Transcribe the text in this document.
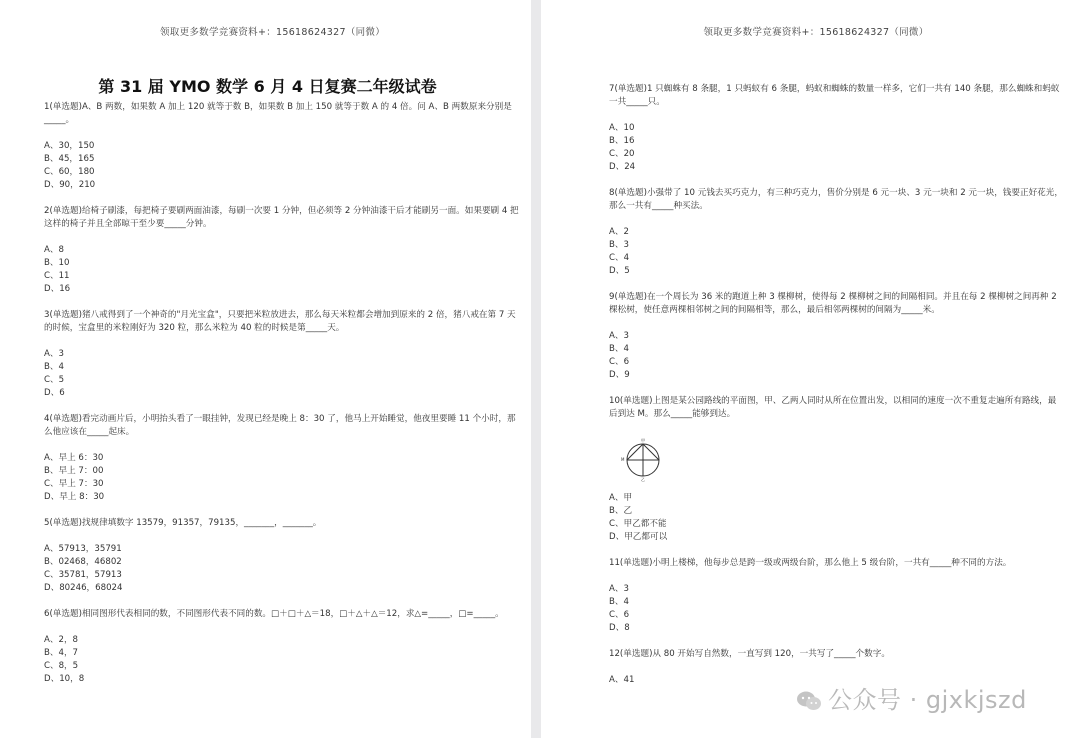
领取更多数学竞赛资料+：15618624327（同微）
第 31 届 YMO 数学 6 月 4 日复赛二年级试卷

1(单选题)A、B 两数，如果数 A 加上 120 就等于数 B，如果数 B 加上 150 就等于数 A 的 4 倍。问 A、B 两数原来分别是_____。

A、30，150
B、45，165
C、60，180
D、90，210

2(单选题)给椅子刷漆，每把椅子要刷两面油漆，每刷一次要 1 分钟，但必须等 2 分钟油漆干后才能刷另一面。如果要刷 4 把这样的椅子并且全部晾干至少要_____分钟。

A、8
B、10
C、11
D、16

3(单选题)猪八戒得到了一个神奇的"月光宝盒"，只要把米粒放进去，那么每天米粒都会增加到原来的 2 倍，猪八戒在第 7 天的时候，宝盒里的米粒刚好为 320 粒，那么米粒为 40 粒的时候是第_____天。

A、3
B、4
C、5
D、6

4(单选题)看完动画片后，小明抬头看了一眼挂钟，发现已经是晚上 8：30 了，他马上开始睡觉，他夜里要睡 11 个小时，那么他应该在_____起床。

A、早上 6：30
B、早上 7：00
C、早上 7：30
D、早上 8：30

5(单选题)找规律填数字 13579，91357，79135，_______，_______。

A、57913，35791
B、02468，46802
C、35781，57913
D、80246，68024

6(单选题)相同图形代表相同的数，不同图形代表不同的数。□＋□＋△＝18，□＋△＋△＝12，求△=_____，□=_____。

A、2，8
B、4，7
C、8，5
D、10，8
领取更多数学竞赛资料+：15618624327（同微）

7(单选题)1 只蜘蛛有 8 条腿，1 只蚂蚁有 6 条腿，蚂蚁和蜘蛛的数量一样多，它们一共有 140 条腿，那么蜘蛛和蚂蚁一共_____只。

A、10
B、16
C、20
D、24

8(单选题)小强带了 10 元钱去买巧克力，有三种巧克力，售价分别是 6 元一块、3 元一块和 2 元一块，钱要正好花光，那么一共有_____种买法。

A、2
B、3
C、4
D、5

9(单选题)在一个周长为 36 米的跑道上种 3 棵柳树，使得每 2 棵柳树之间的间隔相同。并且在每 2 棵柳树之间再种 2 棵松树，使任意两棵相邻树之间的间隔相等，那么，最后相邻两棵树的间隔为_____米。

A、3
B、4
C、6
D、9

10(单选题)上图是某公园路线的平面图，甲、乙两人同时从所在位置出发，以相同的速度一次不重复走遍所有路线，最后到达 M。那么_____能够到达。

甲
乙
M
A、甲
B、乙
C、甲乙都不能
D、甲乙都可以

11(单选题)小明上楼梯，他每步总是跨一级或两级台阶，那么他上 5 级台阶，一共有_____种不同的方法。

A、3
B、4
C、6
D、8

12(单选题)从 80 开始写自然数，一直写到 120，一共写了_____个数字。

A、41
公众号 · gjxkjszd
